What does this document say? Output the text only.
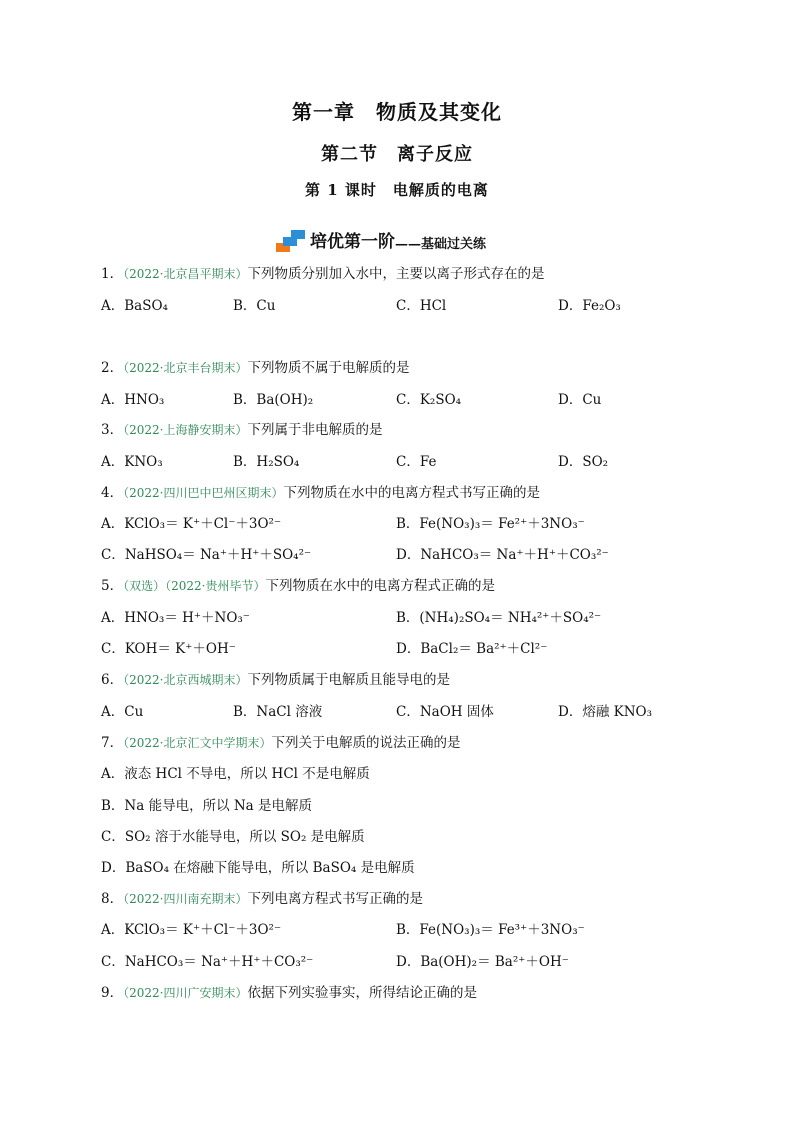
第一章　物质及其变化
第二节　离子反应
第 1 课时　电解质的电离
培优第一阶 ——基础过关练
1．（2022·北京昌平期末）下列物质分别加入水中，主要以离子形式存在的是
A．BaSO₄	B．Cu	C．HCl	D．Fe₂O₃
2．（2022·北京丰台期末）下列物质不属于电解质的是
A．HNO₃	B．Ba(OH)₂	C．K₂SO₄	D．Cu
3．（2022·上海静安期末）下列属于非电解质的是
A．KNO₃	B．H₂SO₄	C．Fe	D．SO₂
4．（2022·四川巴中巴州区期末）下列物质在水中的电离方程式书写正确的是
A．KClO₃＝ K⁺＋Cl⁻＋3O²⁻	B．Fe(NO₃)₃＝ Fe²⁺＋3NO₃⁻
C．NaHSO₄＝ Na⁺＋H⁺＋SO₄²⁻	D．NaHCO₃＝ Na⁺＋H⁺＋CO₃²⁻
5．（双选）（2022·贵州毕节）下列物质在水中的电离方程式正确的是
A．HNO₃＝ H⁺＋NO₃⁻	B．(NH₄)₂SO₄＝ NH₄²⁺＋SO₄²⁻
C．KOH＝ K⁺＋OH⁻	D．BaCl₂＝ Ba²⁺＋Cl²⁻
6．（2022·北京西城期末）下列物质属于电解质且能导电的是
A．Cu	B．NaCl 溶液	C．NaOH 固体	D．熔融 KNO₃
7．（2022·北京汇文中学期末）下列关于电解质的说法正确的是
A．液态 HCl 不导电，所以 HCl 不是电解质
B．Na 能导电，所以 Na 是电解质
C．SO₂ 溶于水能导电，所以 SO₂ 是电解质
D．BaSO₄ 在熔融下能导电，所以 BaSO₄ 是电解质
8．（2022·四川南充期末）下列电离方程式书写正确的是
A．KClO₃＝ K⁺＋Cl⁻＋3O²⁻	B．Fe(NO₃)₃＝ Fe³⁺＋3NO₃⁻
C．NaHCO₃＝ Na⁺＋H⁺＋CO₃²⁻	D．Ba(OH)₂＝ Ba²⁺＋OH⁻
9．（2022·四川广安期末）依据下列实验事实，所得结论正确的是
